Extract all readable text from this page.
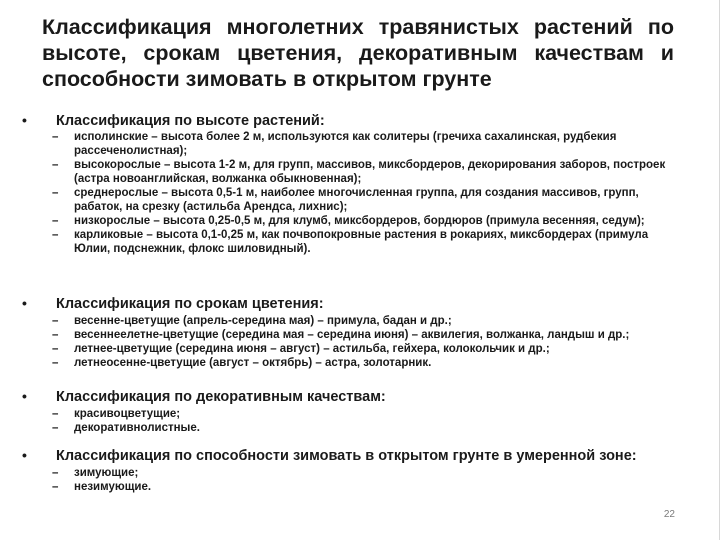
Классификация многолетних травянистых растений по высоте, срокам цветения, декоративным качествам и способности зимовать в открытом грунте
• Классификация по высоте растений:
– исполинские – высота более 2 м, используются как солитеры (гречиха сахалинская, рудбекия рассеченолистная);
– высокорослые – высота 1-2 м, для групп, массивов, миксбордеров, декорирования заборов, построек (астра новоанглийская, волжанка обыкновенная);
– среднерослые – высота 0,5-1 м, наиболее многочисленная группа, для создания массивов, групп, рабаток, на срезку (астильба Арендса, лихнис);
– низкорослые – высота 0,25-0,5 м, для клумб, миксбордеров, бордюров (примула весенняя, седум);
– карликовые – высота 0,1-0,25 м, как почвопокровные растения в рокариях, миксбордерах (примула Юлии, подснежник, флокс шиловидный).
• Классификация по срокам цветения:
– весенне-цветущие (апрель-середина мая) – примула, бадан и др.;
– весеннеелетне-цветущие (середина мая – середина июня) – аквилегия, волжанка, ландыш и др.;
– летнее-цветущие (середина июня – август) – астильба, гейхера, колокольчик и др.;
– летнеосенне-цветущие (август – октябрь) – астра, золотарник.
• Классификация по декоративным качествам:
– красивоцветущие;
– декоративнолистные.
• Классификация по способности зимовать в открытом грунте в умеренной зоне:
– зимующие;
– незимующие.
22
